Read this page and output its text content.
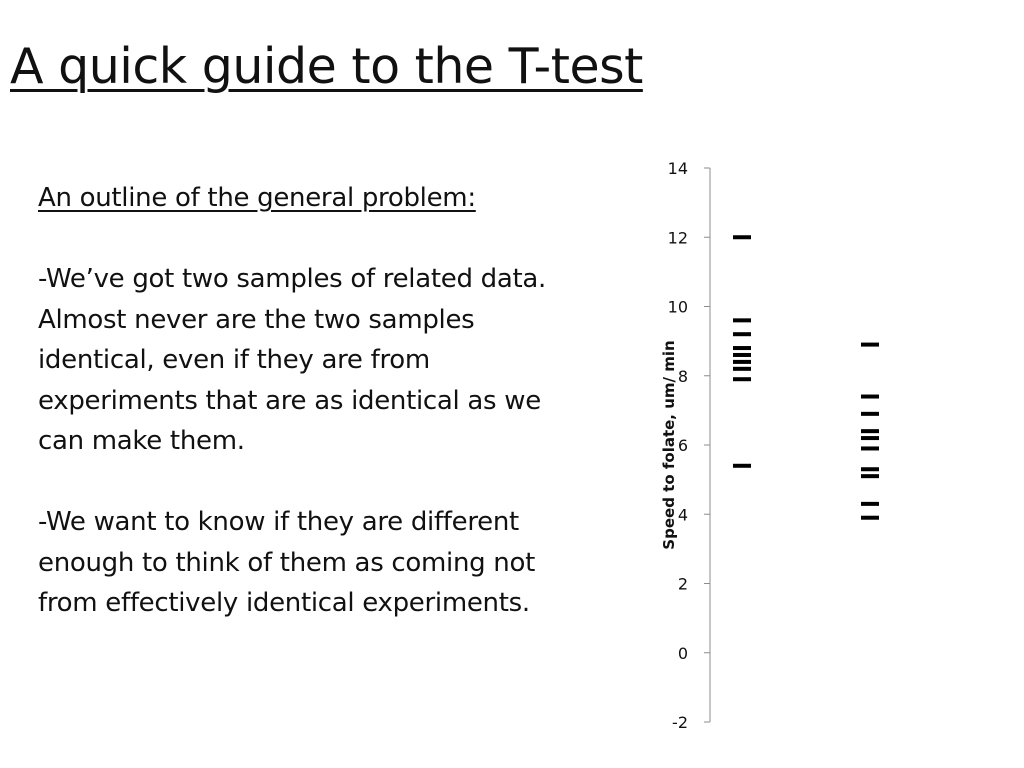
A quick guide to the T-test

An outline of the general problem:

-We’ve got two samples of related data. Almost never are the two samples identical, even if they are from experiments that are as identical as we can make them.

-We want to know if they are different enough to think of them as coming not from effectively identical experiments.

-2
0
2
4
6
8
10
12
14
Speed to folate, um/ min
